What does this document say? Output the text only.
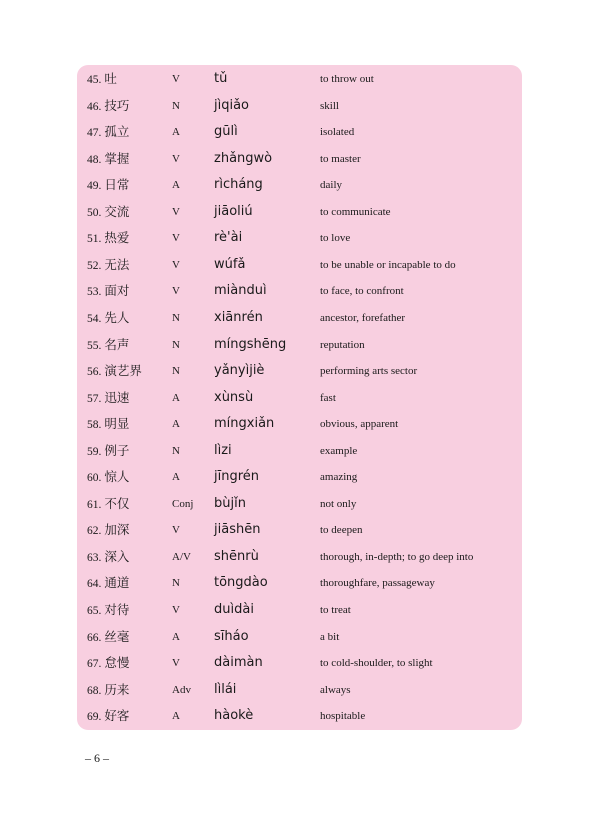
45. 吐	V	tǔ	to throw out
46. 技巧	N	jìqiǎo	skill
47. 孤立	A	gūlì	isolated
48. 掌握	V	zhǎngwò	to master
49. 日常	A	rìcháng	daily
50. 交流	V	jiāoliú	to communicate
51. 热爱	V	rè'ài	to love
52. 无法	V	wúfǎ	to be unable or incapable to do
53. 面对	V	miànduì	to face, to confront
54. 先人	N	xiānrén	ancestor, forefather
55. 名声	N	míngshēng	reputation
56. 演艺界	N	yǎnyìjiè	performing arts sector
57. 迅速	A	xùnsù	fast
58. 明显	A	míngxiǎn	obvious, apparent
59. 例子	N	lìzi	example
60. 惊人	A	jīngrén	amazing
61. 不仅	Conj bùjǐn	not only
62. 加深	V	jiāshēn	to deepen
63. 深入	A/V shēnrù	thorough, in-depth; to go deep into
64. 通道	N	tōngdào	thoroughfare, passageway
65. 对待	V	duìdài	to treat
66. 丝毫	A	sīháo	a bit
67. 怠慢	V	dàimàn	to cold-shoulder, to slight
68. 历来	Adv lìlái	always
69. 好客	A	hàokè	hospitable
– 6 –
